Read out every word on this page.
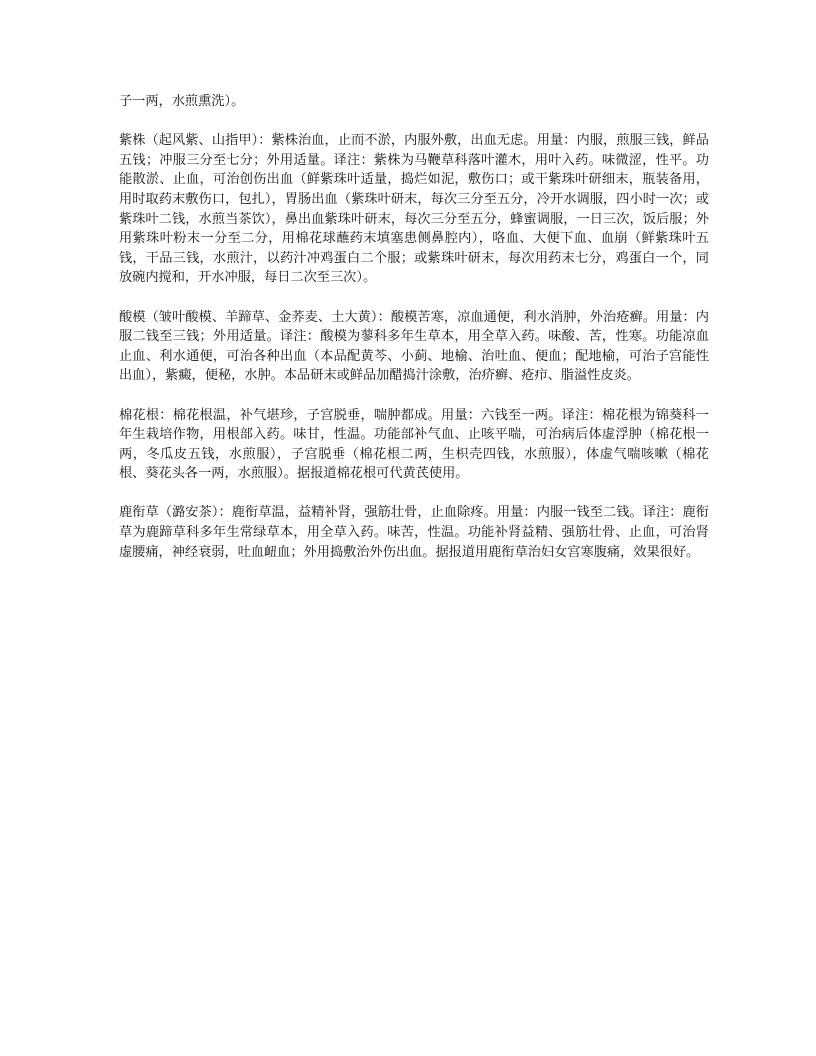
子一两，水煎熏洗）。

紫株（起风紫、山指甲）：紫株治血，止而不淤，内服外敷，出血无虑。用量：内服，煎服三钱，鲜品五钱；冲服三分至七分；外用适量。译注：紫株为马鞭草科落叶灌木，用叶入药。味微涩，性平。功能散淤、止血，可治创伤出血（鲜紫珠叶适量，捣烂如泥，敷伤口；或干紫珠叶研细末，瓶装备用，用时取药末敷伤口，包扎），胃肠出血（紫珠叶研末，每次三分至五分，冷开水调服，四小时一次；或紫珠叶二钱，水煎当茶饮），鼻出血紫珠叶研末，每次三分至五分，蜂蜜调服，一日三次，饭后服；外用紫珠叶粉末一分至二分，用棉花球蘸药末填塞患侧鼻腔内），咯血、大便下血、血崩（鲜紫珠叶五钱，干品三钱，水煎汁，以药汁冲鸡蛋白二个服；或紫珠叶研末，每次用药末七分，鸡蛋白一个，同放碗内搅和，开水冲服，每日二次至三次）。

酸模（皱叶酸模、羊蹄草、金荞麦、土大黄）：酸模苦寒，凉血通便，利水消肿，外治疮癣。用量：内服二钱至三钱；外用适量。译注：酸模为蓼科多年生草本，用全草入药。味酸、苦，性寒。功能凉血止血、利水通便，可治各种出血（本品配黄芩、小蓟、地榆、治吐血、便血；配地榆，可治子宫能性出血），紫癜，便秘，水肿。本品研末或鲜品加醋捣汁涂敷，治疥癣、疮疖、脂溢性皮炎。

棉花根：棉花根温，补气堪珍，子宫脱垂，喘肿都成。用量：六钱至一两。译注：棉花根为锦葵科一年生栽培作物，用根部入药。味甘，性温。功能部补气血、止咳平喘，可治病后体虚浮肿（棉花根一两，冬瓜皮五钱，水煎服），子宫脱垂（棉花根二两，生枳壳四钱，水煎服），体虚气喘咳嗽（棉花根、葵花头各一两，水煎服）。据报道棉花根可代黄芪使用。

鹿衔草（潞安茶）：鹿衔草温，益精补肾，强筋壮骨，止血除疼。用量：内服一钱至二钱。译注：鹿衔草为鹿蹄草科多年生常绿草本，用全草入药。味苦，性温。功能补肾益精、强筋壮骨、止血，可治肾虚腰痛，神经衰弱，吐血衄血；外用捣敷治外伤出血。据报道用鹿衔草治妇女宫寒腹痛，效果很好。
